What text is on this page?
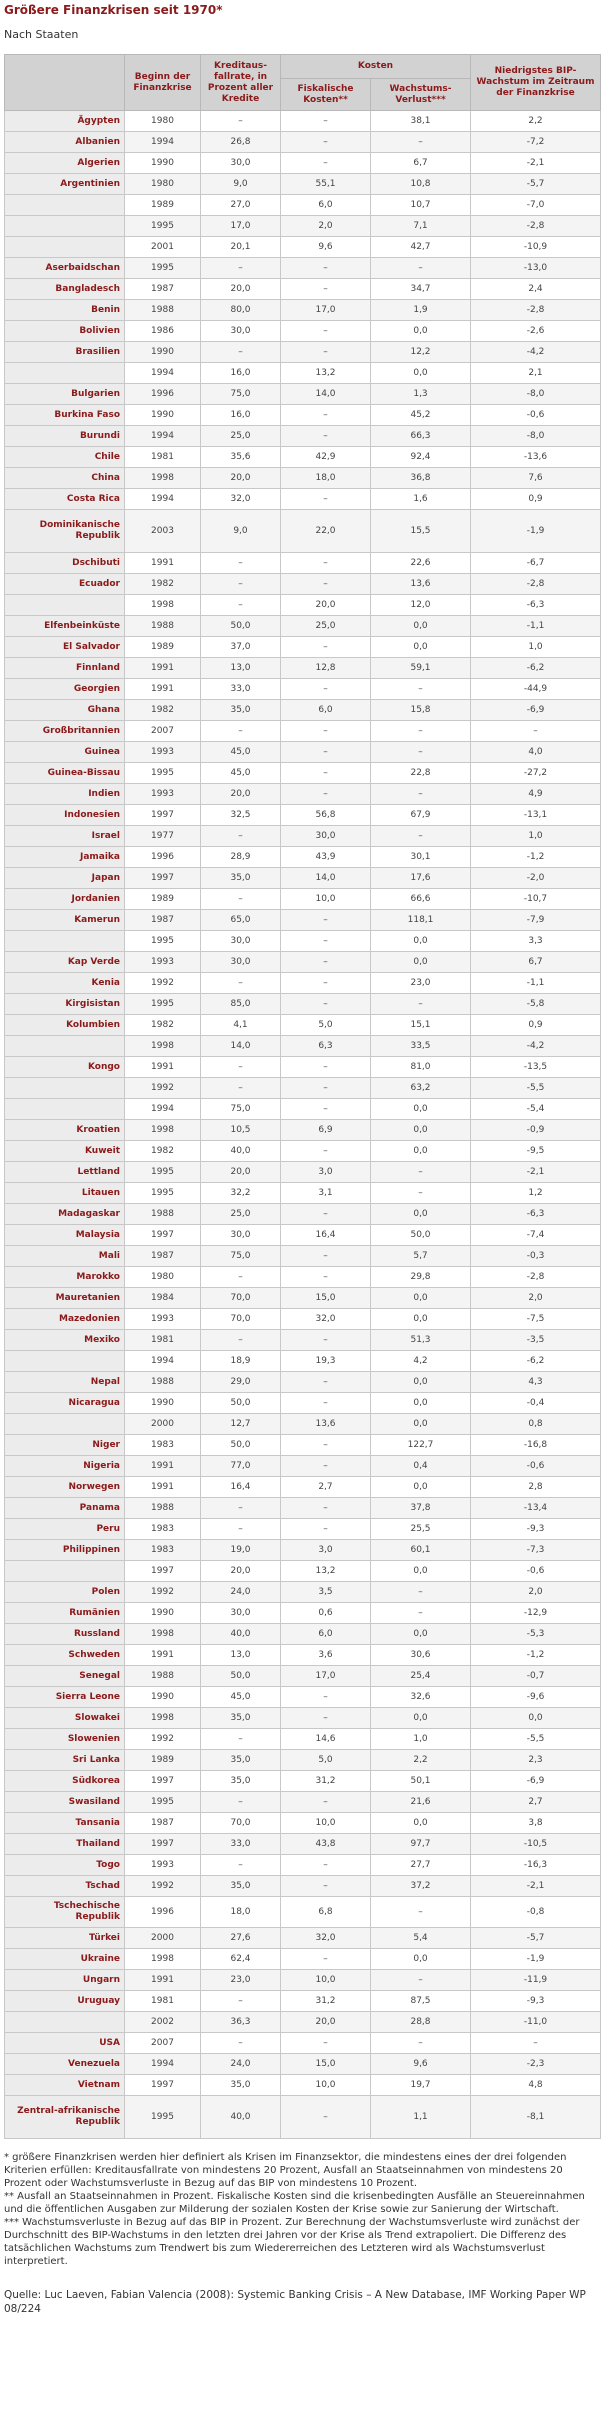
Größere Finanzkrisen seit 1970*
Nach Staaten
	Beginn der Finanzkrise	Kreditaus-fallrate, in Prozent aller Kredite	Kosten		Niedrigstes BIP-Wachstum im Zeitraum der Finanzkrise
			Fiskalische Kosten**	Wachstums-Verlust***	
Ägypten	1980	–	–	38,1	2,2
Albanien	1994	26,8	–	–	-7,2
Algerien	1990	30,0	–	6,7	-2,1
Argentinien	1980	9,0	55,1	10,8	-5,7
	1989	27,0	6,0	10,7	-7,0
	1995	17,0	2,0	7,1	-2,8
	2001	20,1	9,6	42,7	-10,9
Aserbaidschan	1995	–	–	–	-13,0
Bangladesch	1987	20,0	–	34,7	2,4
Benin	1988	80,0	17,0	1,9	-2,8
Bolivien	1986	30,0	–	0,0	-2,6
Brasilien	1990	–	–	12,2	-4,2
	1994	16,0	13,2	0,0	2,1
Bulgarien	1996	75,0	14,0	1,3	-8,0
Burkina Faso	1990	16,0	–	45,2	-0,6
Burundi	1994	25,0	–	66,3	-8,0
Chile	1981	35,6	42,9	92,4	-13,6
China	1998	20,0	18,0	36,8	7,6
Costa Rica	1994	32,0	–	1,6	0,9
Dominikanische Republik	2003	9,0	22,0	15,5	-1,9
Dschibuti	1991	–	–	22,6	-6,7
Ecuador	1982	–	–	13,6	-2,8
	1998	–	20,0	12,0	-6,3
Elfenbeinküste	1988	50,0	25,0	0,0	-1,1
El Salvador	1989	37,0	–	0,0	1,0
Finnland	1991	13,0	12,8	59,1	-6,2
Georgien	1991	33,0	–	–	-44,9
Ghana	1982	35,0	6,0	15,8	-6,9
Großbritannien	2007	–	–	–	–
Guinea	1993	45,0	–	–	4,0
Guinea-Bissau	1995	45,0	–	22,8	-27,2
Indien	1993	20,0	–	–	4,9
Indonesien	1997	32,5	56,8	67,9	-13,1
Israel	1977	–	30,0	–	1,0
Jamaika	1996	28,9	43,9	30,1	-1,2
Japan	1997	35,0	14,0	17,6	-2,0
Jordanien	1989	–	10,0	66,6	-10,7
Kamerun	1987	65,0	–	118,1	-7,9
	1995	30,0	–	0,0	3,3
Kap Verde	1993	30,0	–	0,0	6,7
Kenia	1992	–	–	23,0	-1,1
Kirgisistan	1995	85,0	–	–	-5,8
Kolumbien	1982	4,1	5,0	15,1	0,9
	1998	14,0	6,3	33,5	-4,2
Kongo	1991	–	–	81,0	-13,5
	1992	–	–	63,2	-5,5
	1994	75,0	–	0,0	-5,4
Kroatien	1998	10,5	6,9	0,0	-0,9
Kuweit	1982	40,0	–	0,0	-9,5
Lettland	1995	20,0	3,0	–	-2,1
Litauen	1995	32,2	3,1	–	1,2
Madagaskar	1988	25,0	–	0,0	-6,3
Malaysia	1997	30,0	16,4	50,0	-7,4
Mali	1987	75,0	–	5,7	-0,3
Marokko	1980	–	–	29,8	-2,8
Mauretanien	1984	70,0	15,0	0,0	2,0
Mazedonien	1993	70,0	32,0	0,0	-7,5
Mexiko	1981	–	–	51,3	-3,5
	1994	18,9	19,3	4,2	-6,2
Nepal	1988	29,0	–	0,0	4,3
Nicaragua	1990	50,0	–	0,0	-0,4
	2000	12,7	13,6	0,0	0,8
Niger	1983	50,0	–	122,7	-16,8
Nigeria	1991	77,0	–	0,4	-0,6
Norwegen	1991	16,4	2,7	0,0	2,8
Panama	1988	–	–	37,8	-13,4
Peru	1983	–	–	25,5	-9,3
Philippinen	1983	19,0	3,0	60,1	-7,3
	1997	20,0	13,2	0,0	-0,6
Polen	1992	24,0	3,5	–	2,0
Rumänien	1990	30,0	0,6	–	-12,9
Russland	1998	40,0	6,0	0,0	-5,3
Schweden	1991	13,0	3,6	30,6	-1,2
Senegal	1988	50,0	17,0	25,4	-0,7
Sierra Leone	1990	45,0	–	32,6	-9,6
Slowakei	1998	35,0	–	0,0	0,0
Slowenien	1992	–	14,6	1,0	-5,5
Sri Lanka	1989	35,0	5,0	2,2	2,3
Südkorea	1997	35,0	31,2	50,1	-6,9
Swasiland	1995	–	–	21,6	2,7
Tansania	1987	70,0	10,0	0,0	3,8
Thailand	1997	33,0	43,8	97,7	-10,5
Togo	1993	–	–	27,7	-16,3
Tschad	1992	35,0	–	37,2	-2,1
Tschechische Republik	1996	18,0	6,8	–	-0,8
Türkei	2000	27,6	32,0	5,4	-5,7
Ukraine	1998	62,4	–	0,0	-1,9
Ungarn	1991	23,0	10,0	–	-11,9
Uruguay	1981	–	31,2	87,5	-9,3
	2002	36,3	20,0	28,8	-11,0
USA	2007	–	–	–	–
Venezuela	1994	24,0	15,0	9,6	-2,3
Vietnam	1997	35,0	10,0	19,7	4,8
Zentral-afrikanische Republik	1995	40,0	–	1,1	-8,1

* größere Finanzkrisen werden hier definiert als Krisen im Finanzsektor, die mindestens eines der drei folgenden Kriterien erfüllen: Kreditausfallrate von mindestens 20 Prozent, Ausfall an Staatseinnahmen von mindestens 20 Prozent oder Wachstumsverluste in Bezug auf das BIP von mindestens 10 Prozent.

** Ausfall an Staatseinnahmen in Prozent. Fiskalische Kosten sind die krisenbedingten Ausfälle an Steuereinnahmen und die öffentlichen Ausgaben zur Milderung der sozialen Kosten der Krise sowie zur Sanierung der Wirtschaft.

*** Wachstumsverluste in Bezug auf das BIP in Prozent. Zur Berechnung der Wachstumsverluste wird zunächst der Durchschnitt des BIP-Wachstums in den letzten drei Jahren vor der Krise als Trend extrapoliert. Die Differenz des tatsächlichen Wachstums zum Trendwert bis zum Wiedererreichen des Letzteren wird als Wachstumsverlust interpretiert.

Quelle: Luc Laeven, Fabian Valencia (2008): Systemic Banking Crisis – A New Database, IMF Working Paper WP 08/224
